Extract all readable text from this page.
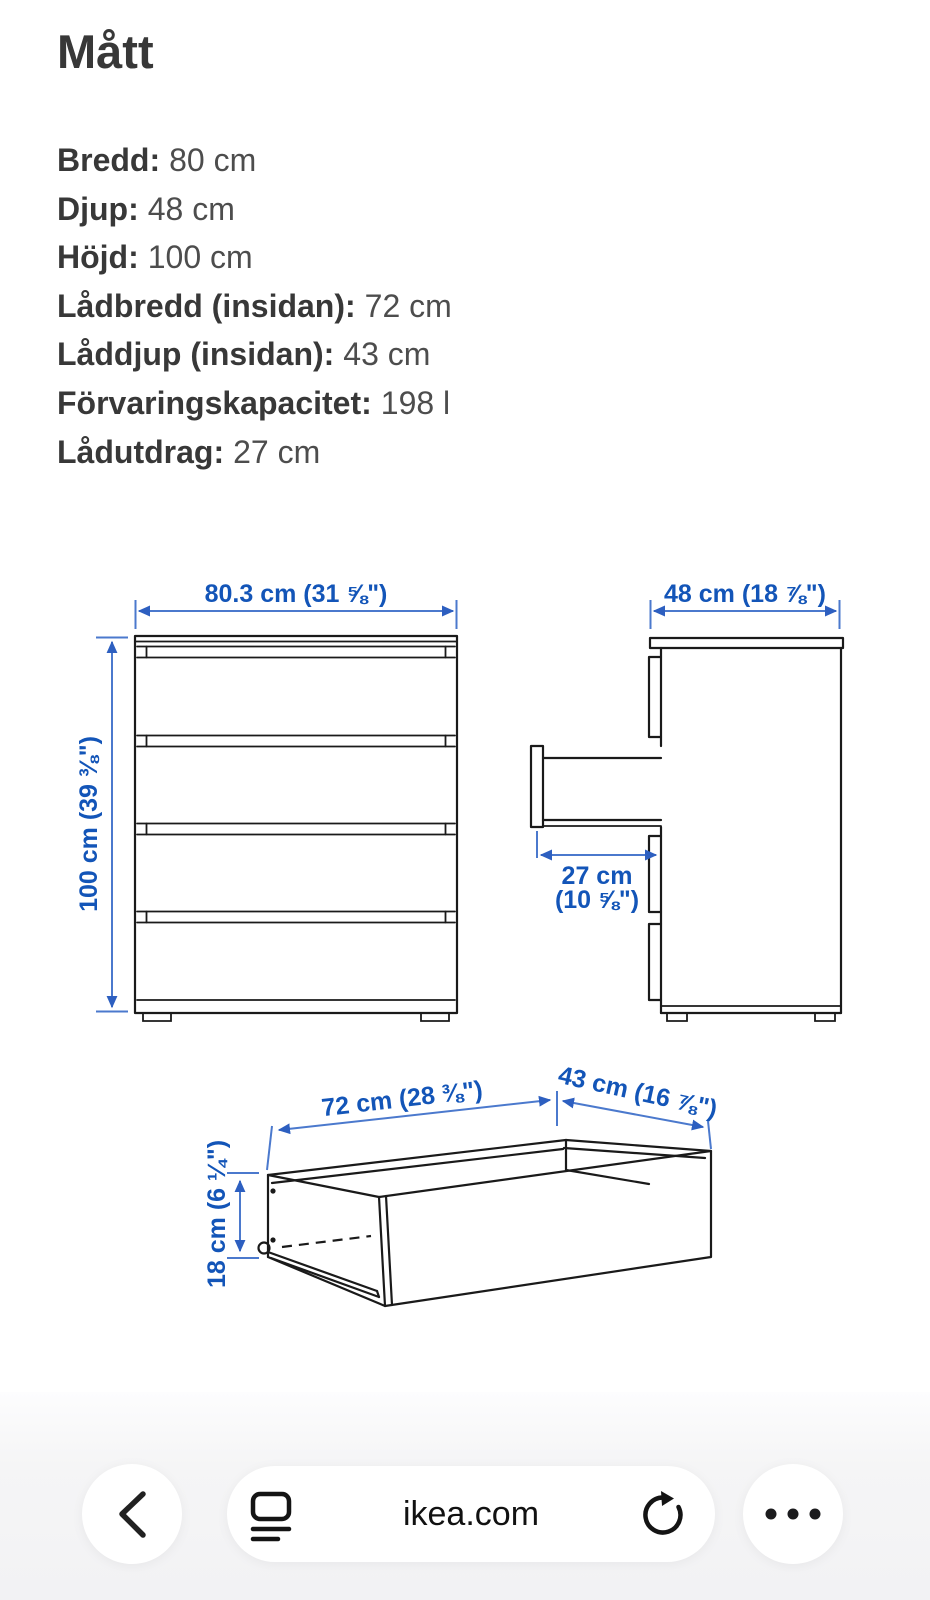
Mått
Bredd: 80 cm
Djup: 48 cm
Höjd: 100 cm
Lådbredd (insidan): 72 cm
Låddjup (insidan): 43 cm
Förvaringskapacitet: 198 l
Lådutdrag: 27 cm
80.3 cm (31 ⅝")
100 cm (39 ⅜")
48 cm (18 ⅞")
27 cm
(10 ⅝")
72 cm (28 ⅜")	43 cm (16 ⅞")
18 cm (6 ¼")
ikea.com
